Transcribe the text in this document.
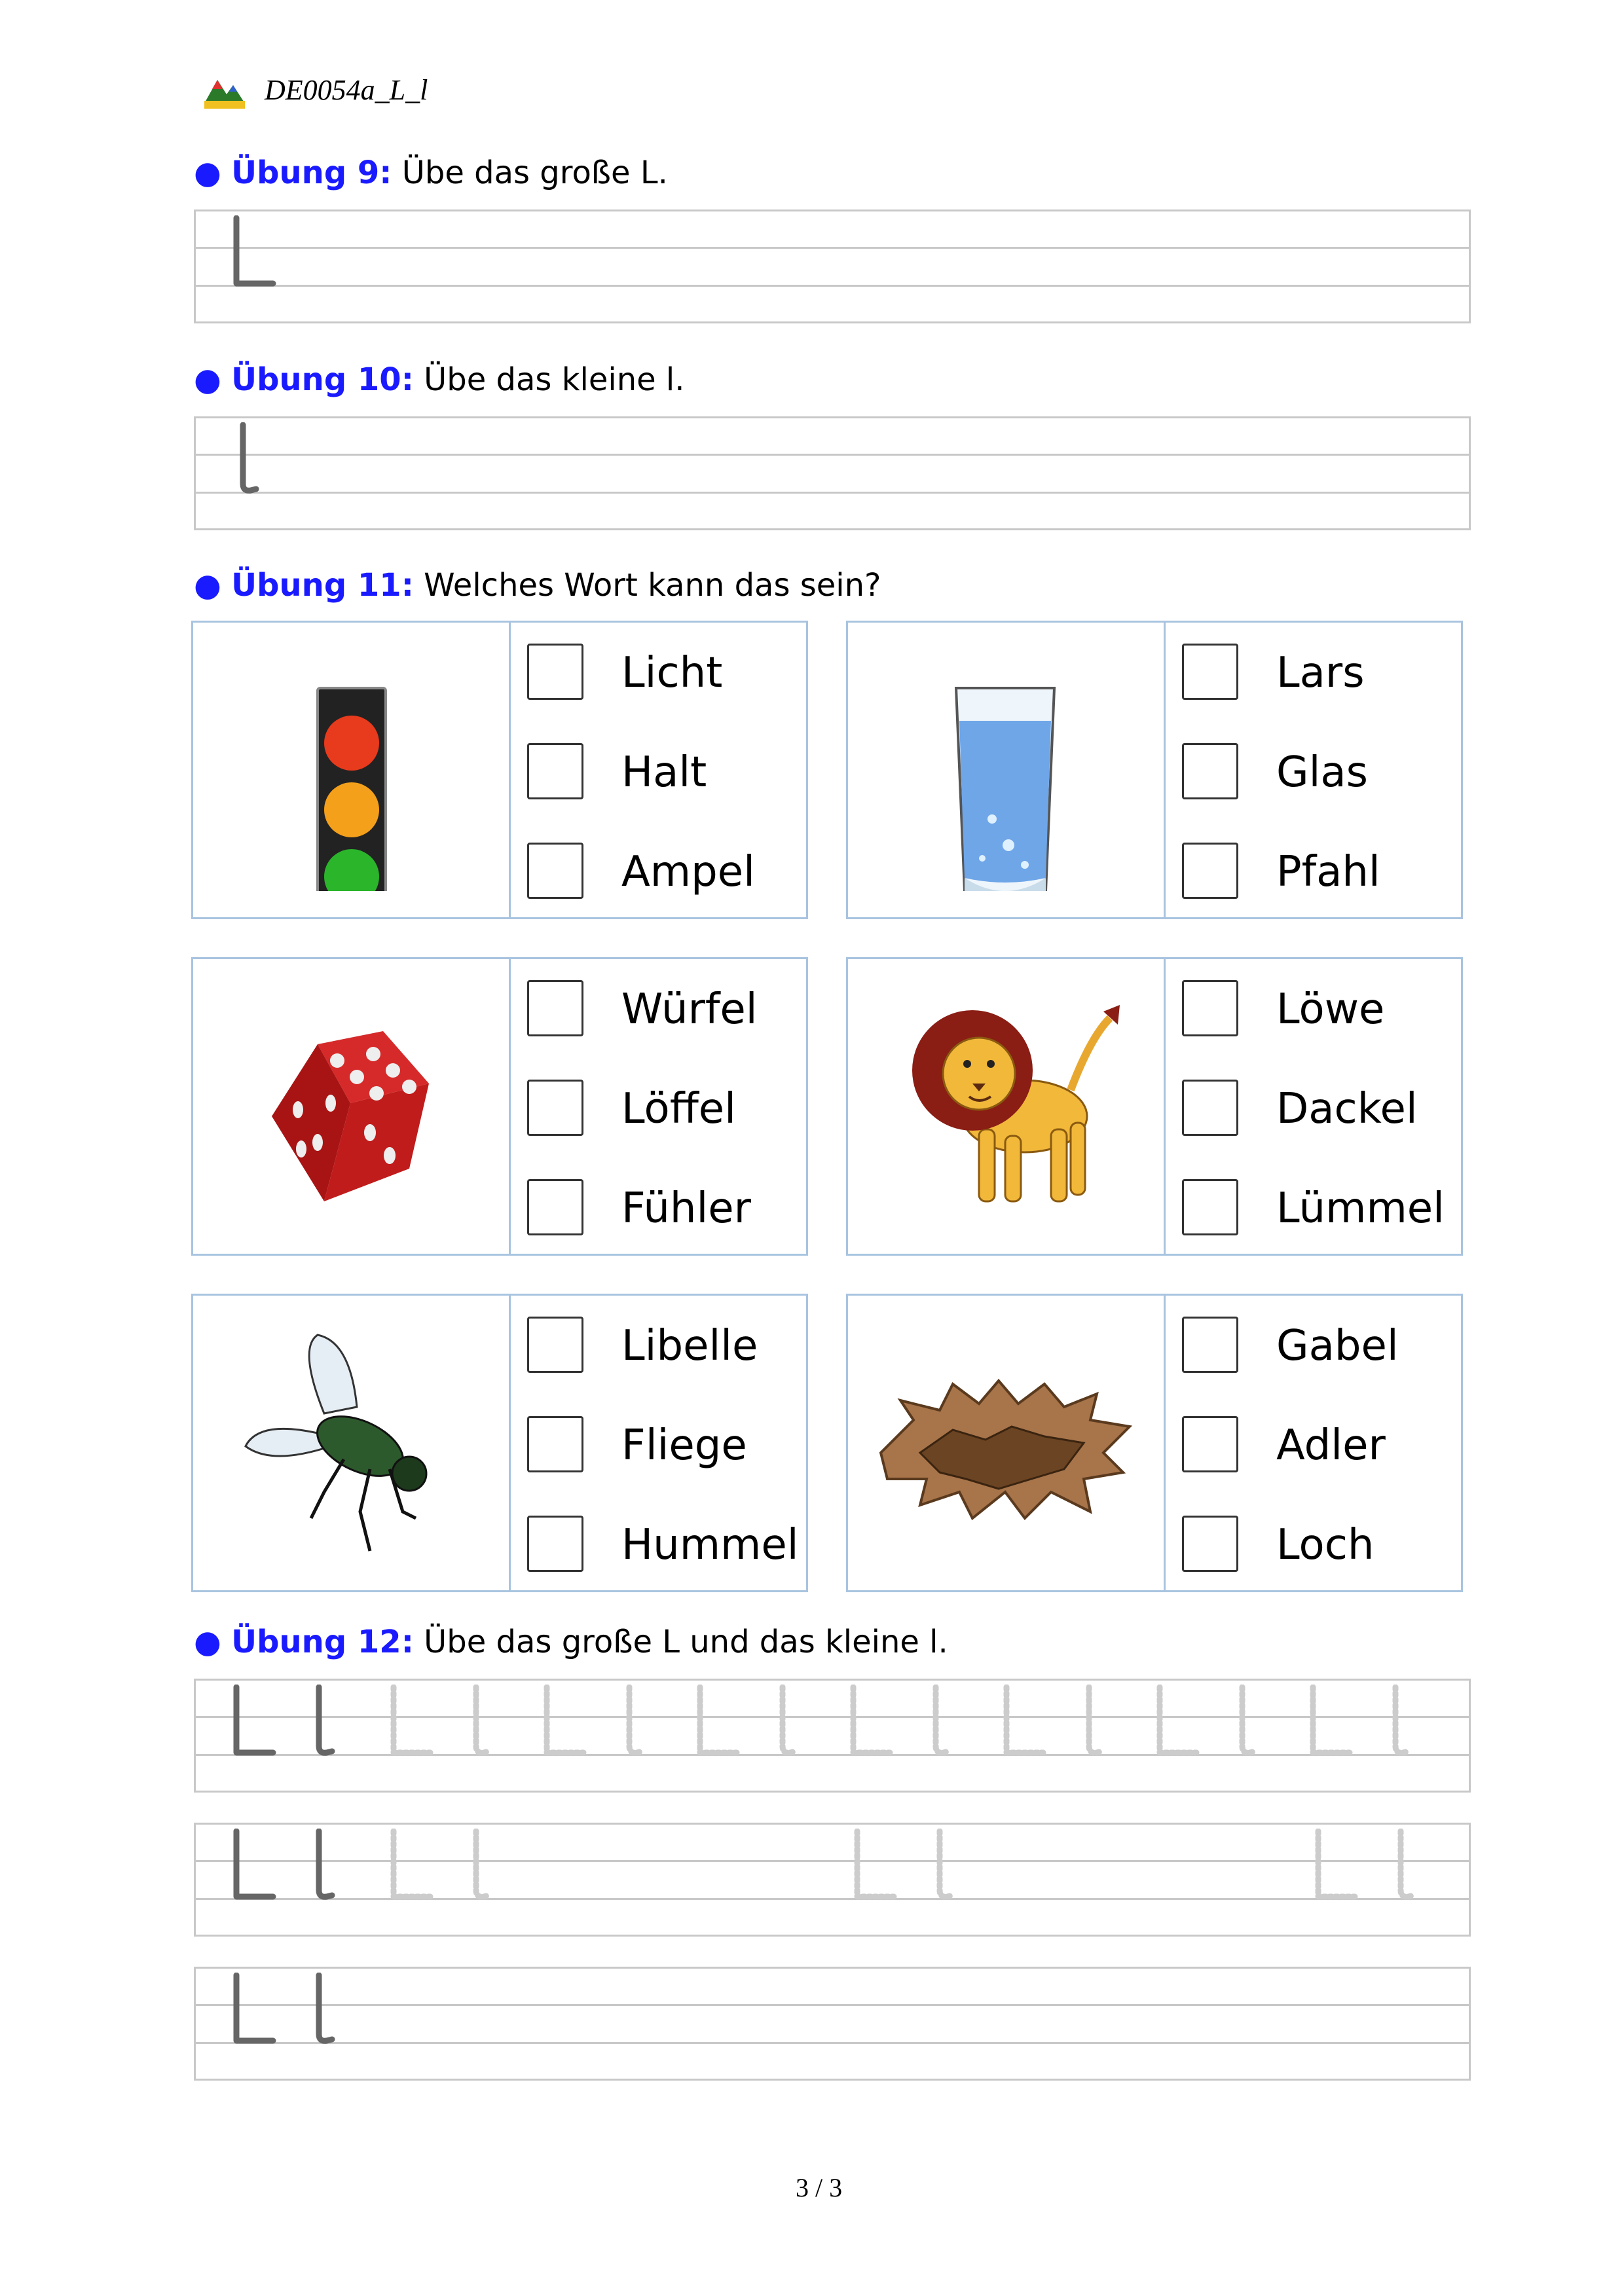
DE0054a_L_l
● Übung 9: Übe das große L.
● Übung 10: Übe das kleine l.
● Übung 11: Welches Wort kann das sein?
Licht
Halt
Ampel
Lars
Glas
Pfahl
Würfel
Löffel
Fühler
Löwe
Dackel
Lümmel
Libelle
Fliege
Hummel
Gabel
Adler
Loch
● Übung 12: Übe das große L und das kleine l.
3 / 3
